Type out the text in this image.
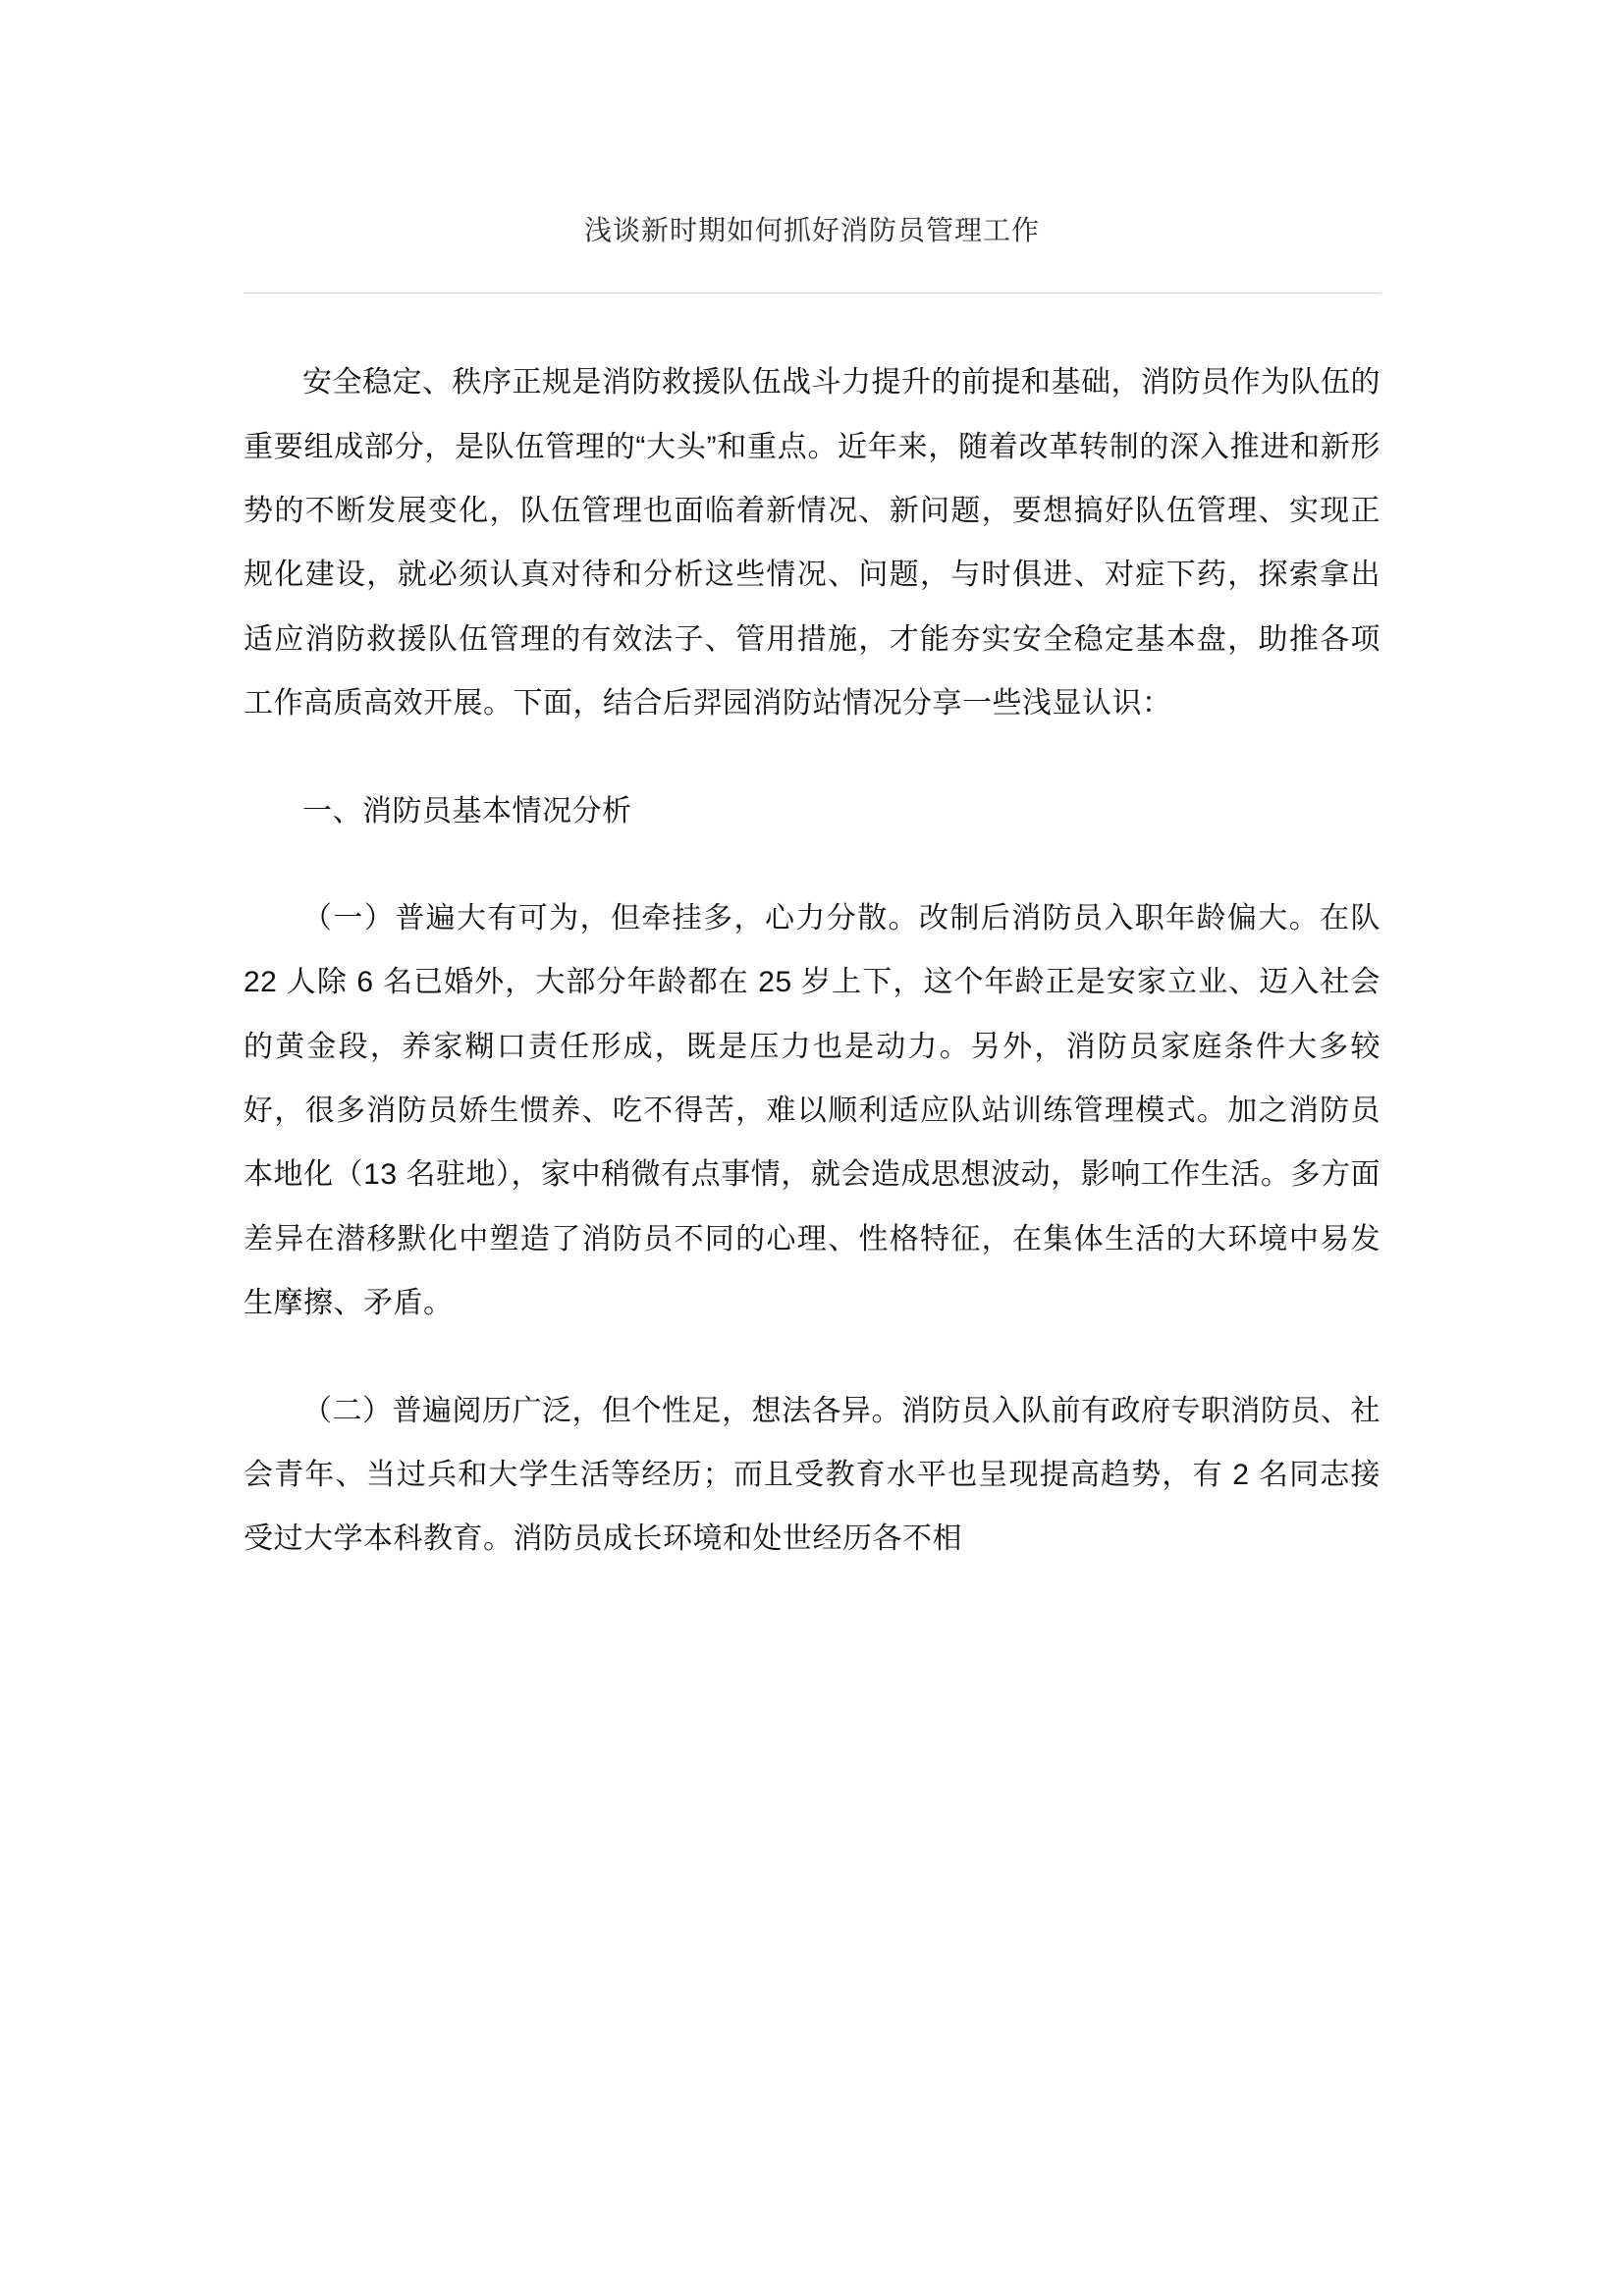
浅谈新时期如何抓好消防员管理工作

安全稳定、秩序正规是消防救援队伍战斗力提升的前提和基础，消防员作为队伍的重要组成部分，是队伍管理的“大头”和重点。近年来，随着改革转制的深入推进和新形势的不断发展变化，队伍管理也面临着新情况、新问题，要想搞好队伍管理、实现正规化建设，就必须认真对待和分析这些情况、问题，与时俱进、对症下药，探索拿出适应消防救援队伍管理的有效法子、管用措施，才能夯实安全稳定基本盘，助推各项工作高质高效开展。下面，结合后羿园消防站情况分享一些浅显认识：

一、消防员基本情况分析

（一）普遍大有可为，但牵挂多，心力分散。改制后消防员入职年龄偏大。在队 22 人除 6 名已婚外，大部分年龄都在 25 岁上下，这个年龄正是安家立业、迈入社会的黄金段，养家糊口责任形成，既是压力也是动力。另外，消防员家庭条件大多较好，很多消防员娇生惯养、吃不得苦，难以顺利适应队站训练管理模式。加之消防员本地化（13 名驻地），家中稍微有点事情，就会造成思想波动，影响工作生活。多方面差异在潜移默化中塑造了消防员不同的心理、性格特征，在集体生活的大环境中易发生摩擦、矛盾。

（二）普遍阅历广泛，但个性足，想法各异。消防员入队前有政府专职消防员、社会青年、当过兵和大学生活等经历；而且受教育水平也呈现提高趋势，有 2 名同志接受过大学本科教育。消防员成长环境和处世经历各不相
